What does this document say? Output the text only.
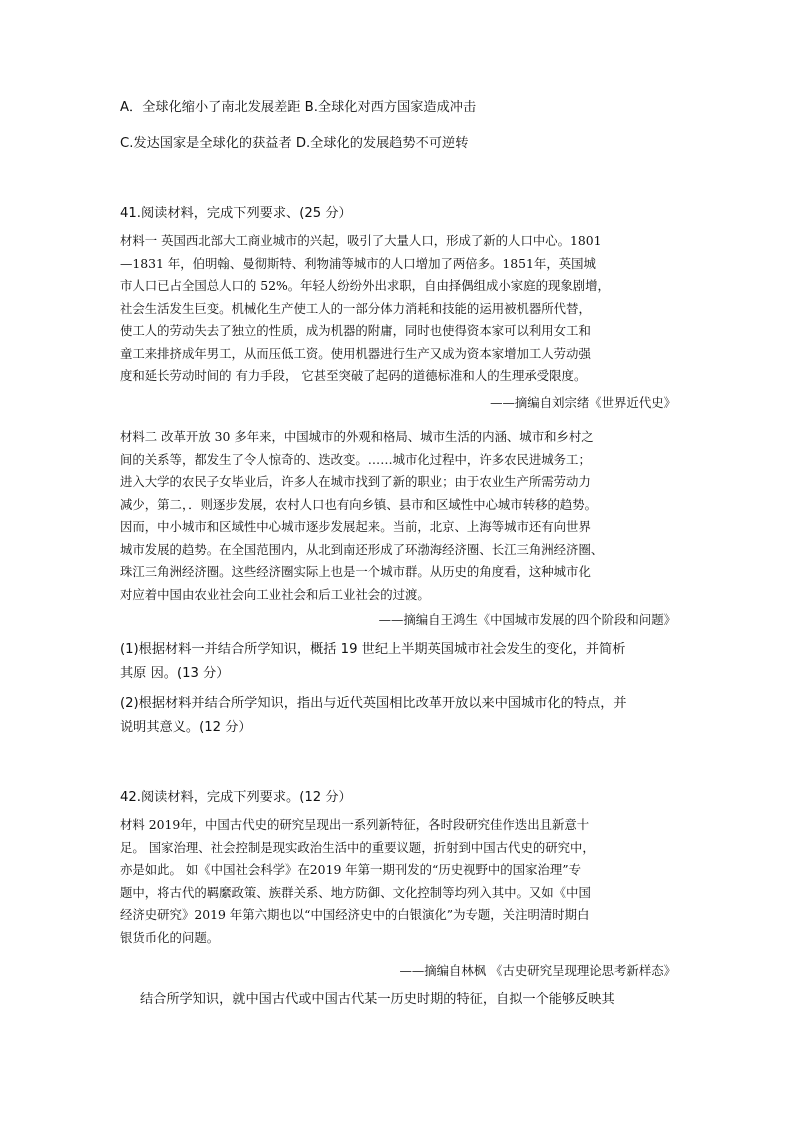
A．全球化缩小了南北发展差距 B.全球化对西方国家造成冲击

C.发达国家是全球化的获益者 D.全球化的发展趋势不可逆转

41.阅读材料，完成下列要求、(25 分）

材料一 英国西北部大工商业城市的兴起，吸引了大量人口，形成了新的人口中心。1801
—1831 年，伯明翰、曼彻斯特、利物浦等城市的人口增加了两倍多。1851年，英国城
市人口已占全国总人口的 52%。年轻人纷纷外出求职，自由择偶组成小家庭的现象剧增，
社会生活发生巨变。机械化生产使工人的一部分体力消耗和技能的运用被机器所代替，
使工人的劳动失去了独立的性质，成为机器的附庸，同时也使得资本家可以利用女工和
童工来排挤成年男工，从而压低工资。使用机器进行生产又成为资本家增加工人劳动强
度和延长劳动时间的 有力手段， 它甚至突破了起码的道德标准和人的生理承受限度。

——摘编自刘宗绪《世界近代史》

材料二 改革开放 30 多年来，中国城市的外观和格局、城市生活的内涵、城市和乡村之
间的关系等，都发生了令人惊奇的、迭改变。……城市化过程中，许多农民进城务工；
进入大学的农民子女毕业后，许多人在城市找到了新的职业；由于农业生产所需劳动力
减少，第二，．则逐步发展，农村人口也有向乡镇、县市和区域性中心城市转移的趋势。
因而，中小城市和区域性中心城市逐步发展起来。当前，北京、上海等城市还有向世界
城市发展的趋势。在全国范围内，从北到南还形成了环渤海经济圈、长江三角洲经济圈、
珠江三角洲经济圈。这些经济圈实际上也是一个城市群。从历史的角度看，这种城市化
对应着中国由农业社会向工业社会和后工业社会的过渡。

——摘编自王鸿生《中国城市发展的四个阶段和问题》

(1)根据材料一并结合所学知识，概括 19 世纪上半期英国城市社会发生的变化，并简析
其原 因。(13 分）
(2)根据材料并结合所学知识，指出与近代英国相比改革开放以来中国城市化的特点，并
说明其意义。(12 分）

42.阅读材料，完成下列要求。(12 分）

材料 2019年，中国古代史的研究呈现出一系列新特征，各时段研究佳作迭出且新意十
足。 国家治理、社会控制是现实政治生活中的重要议题，折射到中国古代史的研究中，
亦是如此。 如《中国社会科学》在2019 年第一期刊发的“历史视野中的国家治理”专
题中，将古代的羁縻政策、族群关系、地方防御、文化控制等均列入其中。又如《中国
经济史研究》2019 年第六期也以“中国经济史中的白银演化”为专题，关注明清时期白
银货币化的问题。

——摘编自林枫 《古史研究呈现理论思考新样态》

结合所学知识，就中国古代或中国古代某一历史时期的特征，自拟一个能够反映其
